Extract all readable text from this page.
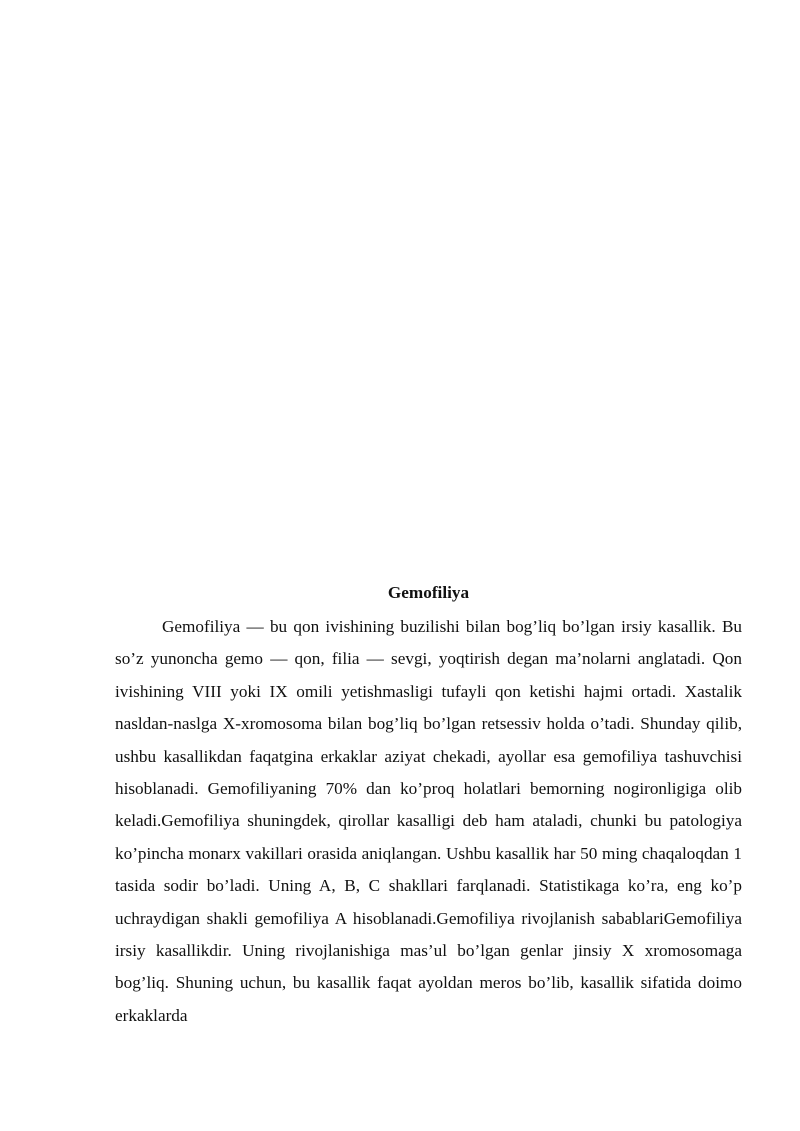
Gemofiliya

Gemofiliya — bu qon ivishining buzilishi bilan bog’liq bo’lgan irsiy kasallik. Bu so’z yunoncha gemo — qon, filia — sevgi, yoqtirish degan ma’nolarni anglatadi. Qon ivishining VIII yoki IX omili yetishmasligi tufayli qon ketishi hajmi ortadi. Xastalik nasldan-naslga X-xromosoma bilan bog’liq bo’lgan retsessiv holda o’tadi. Shunday qilib, ushbu kasallikdan faqatgina erkaklar aziyat chekadi, ayollar esa gemofiliya tashuvchisi hisoblanadi. Gemofiliyaning 70% dan ko’proq holatlari bemorning nogironligiga olib keladi.Gemofiliya shuningdek, qirollar kasalligi deb ham ataladi, chunki bu patologiya ko’pincha monarx vakillari orasida aniqlangan. Ushbu kasallik har 50 ming chaqaloqdan 1 tasida sodir bo’ladi. Uning A, B, C shakllari farqlanadi. Statistikaga ko’ra, eng ko’p uchraydigan shakli gemofiliya A hisoblanadi.Gemofiliya rivojlanish sabablariGemofiliya irsiy kasallikdir. Uning rivojlanishiga mas’ul bo’lgan genlar jinsiy X xromosomaga bog’liq. Shuning uchun, bu kasallik faqat ayoldan meros bo’lib, kasallik sifatida doimo erkaklarda
